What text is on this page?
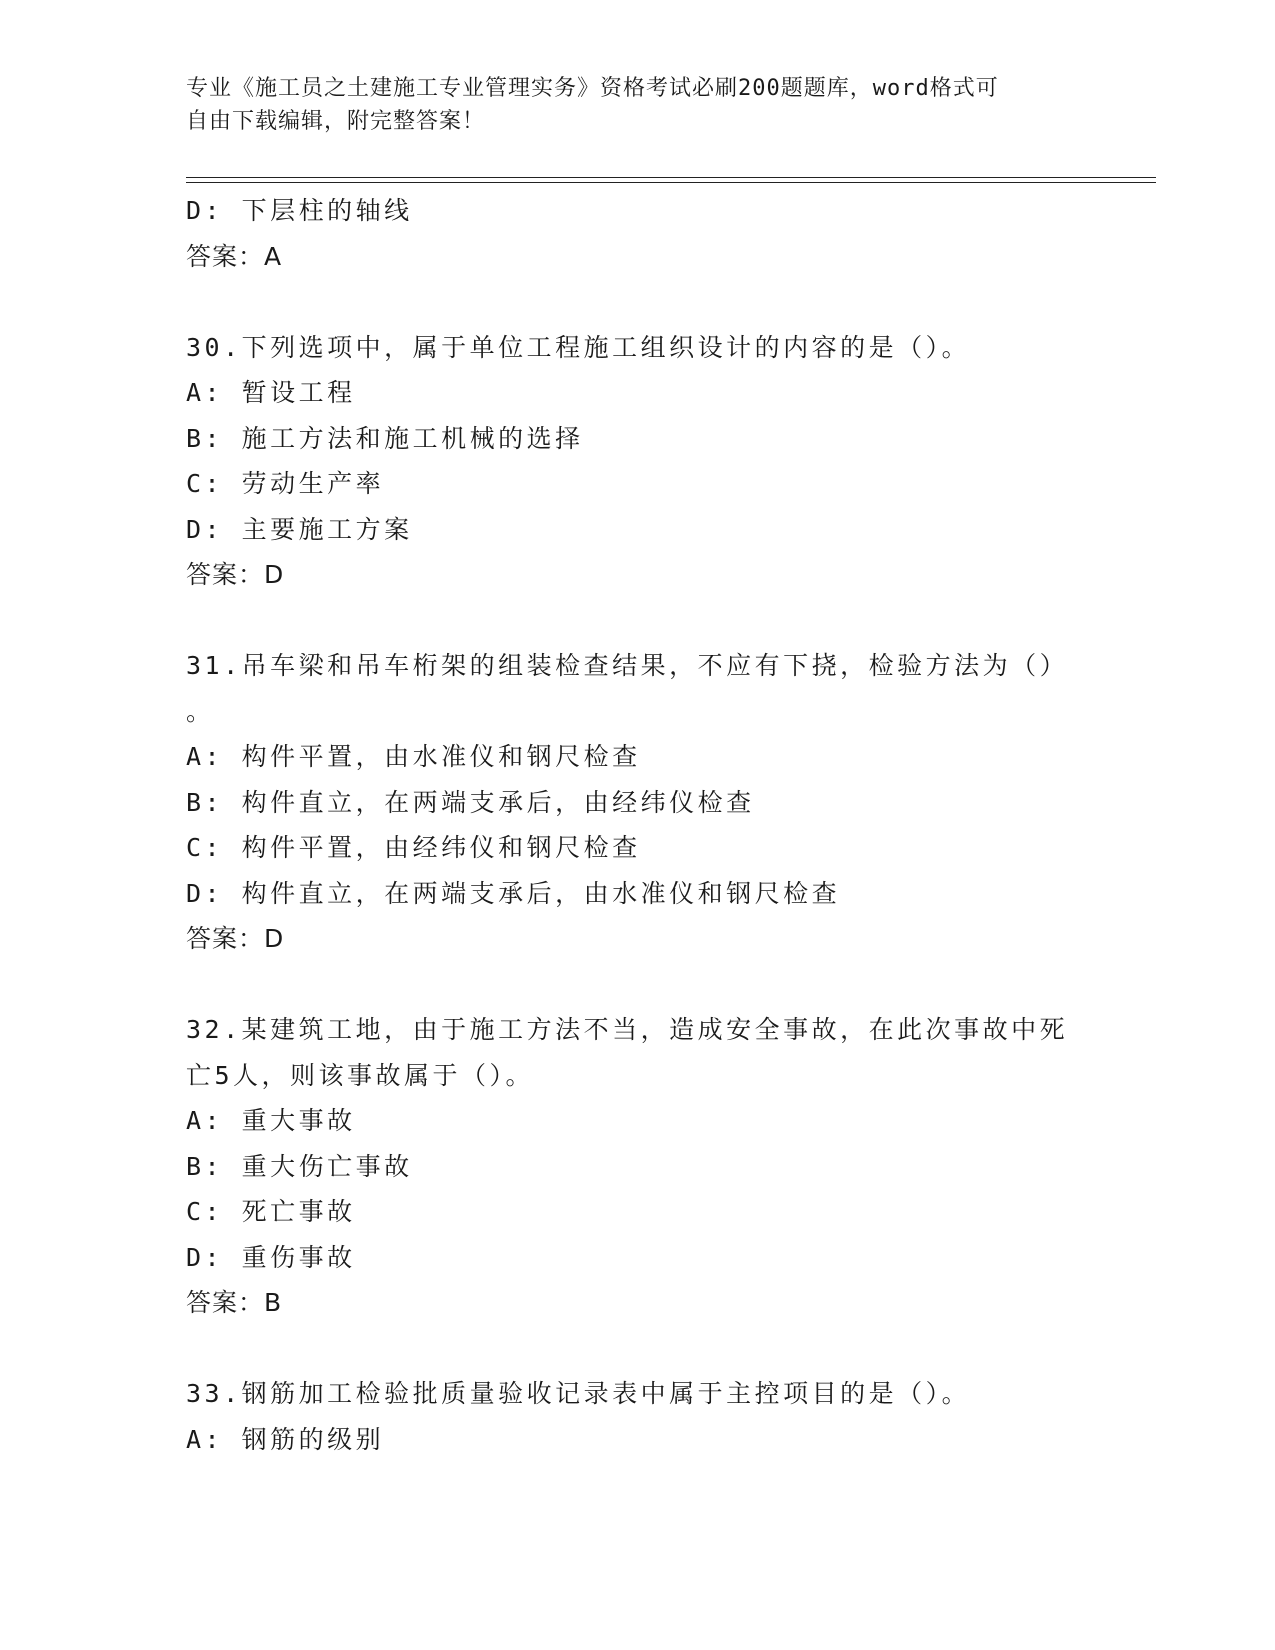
专业《施工员之土建施工专业管理实务》资格考试必刷200题题库，word格式可
自由下载编辑，附完整答案！
D: 下层柱的轴线
答案：A
30.下列选项中，属于单位工程施工组织设计的内容的是（）。
A: 暂设工程
B: 施工方法和施工机械的选择
C: 劳动生产率
D: 主要施工方案
答案：D
31.吊车梁和吊车桁架的组装检查结果，不应有下挠，检验方法为（）
。
A: 构件平置，由水准仪和钢尺检查
B: 构件直立，在两端支承后，由经纬仪检查
C: 构件平置，由经纬仪和钢尺检查
D: 构件直立，在两端支承后，由水准仪和钢尺检查
答案：D
32.某建筑工地，由于施工方法不当，造成安全事故，在此次事故中死
亡5人，则该事故属于（）。
A: 重大事故
B: 重大伤亡事故
C: 死亡事故
D: 重伤事故
答案：B
33.钢筋加工检验批质量验收记录表中属于主控项目的是（）。
A: 钢筋的级别
